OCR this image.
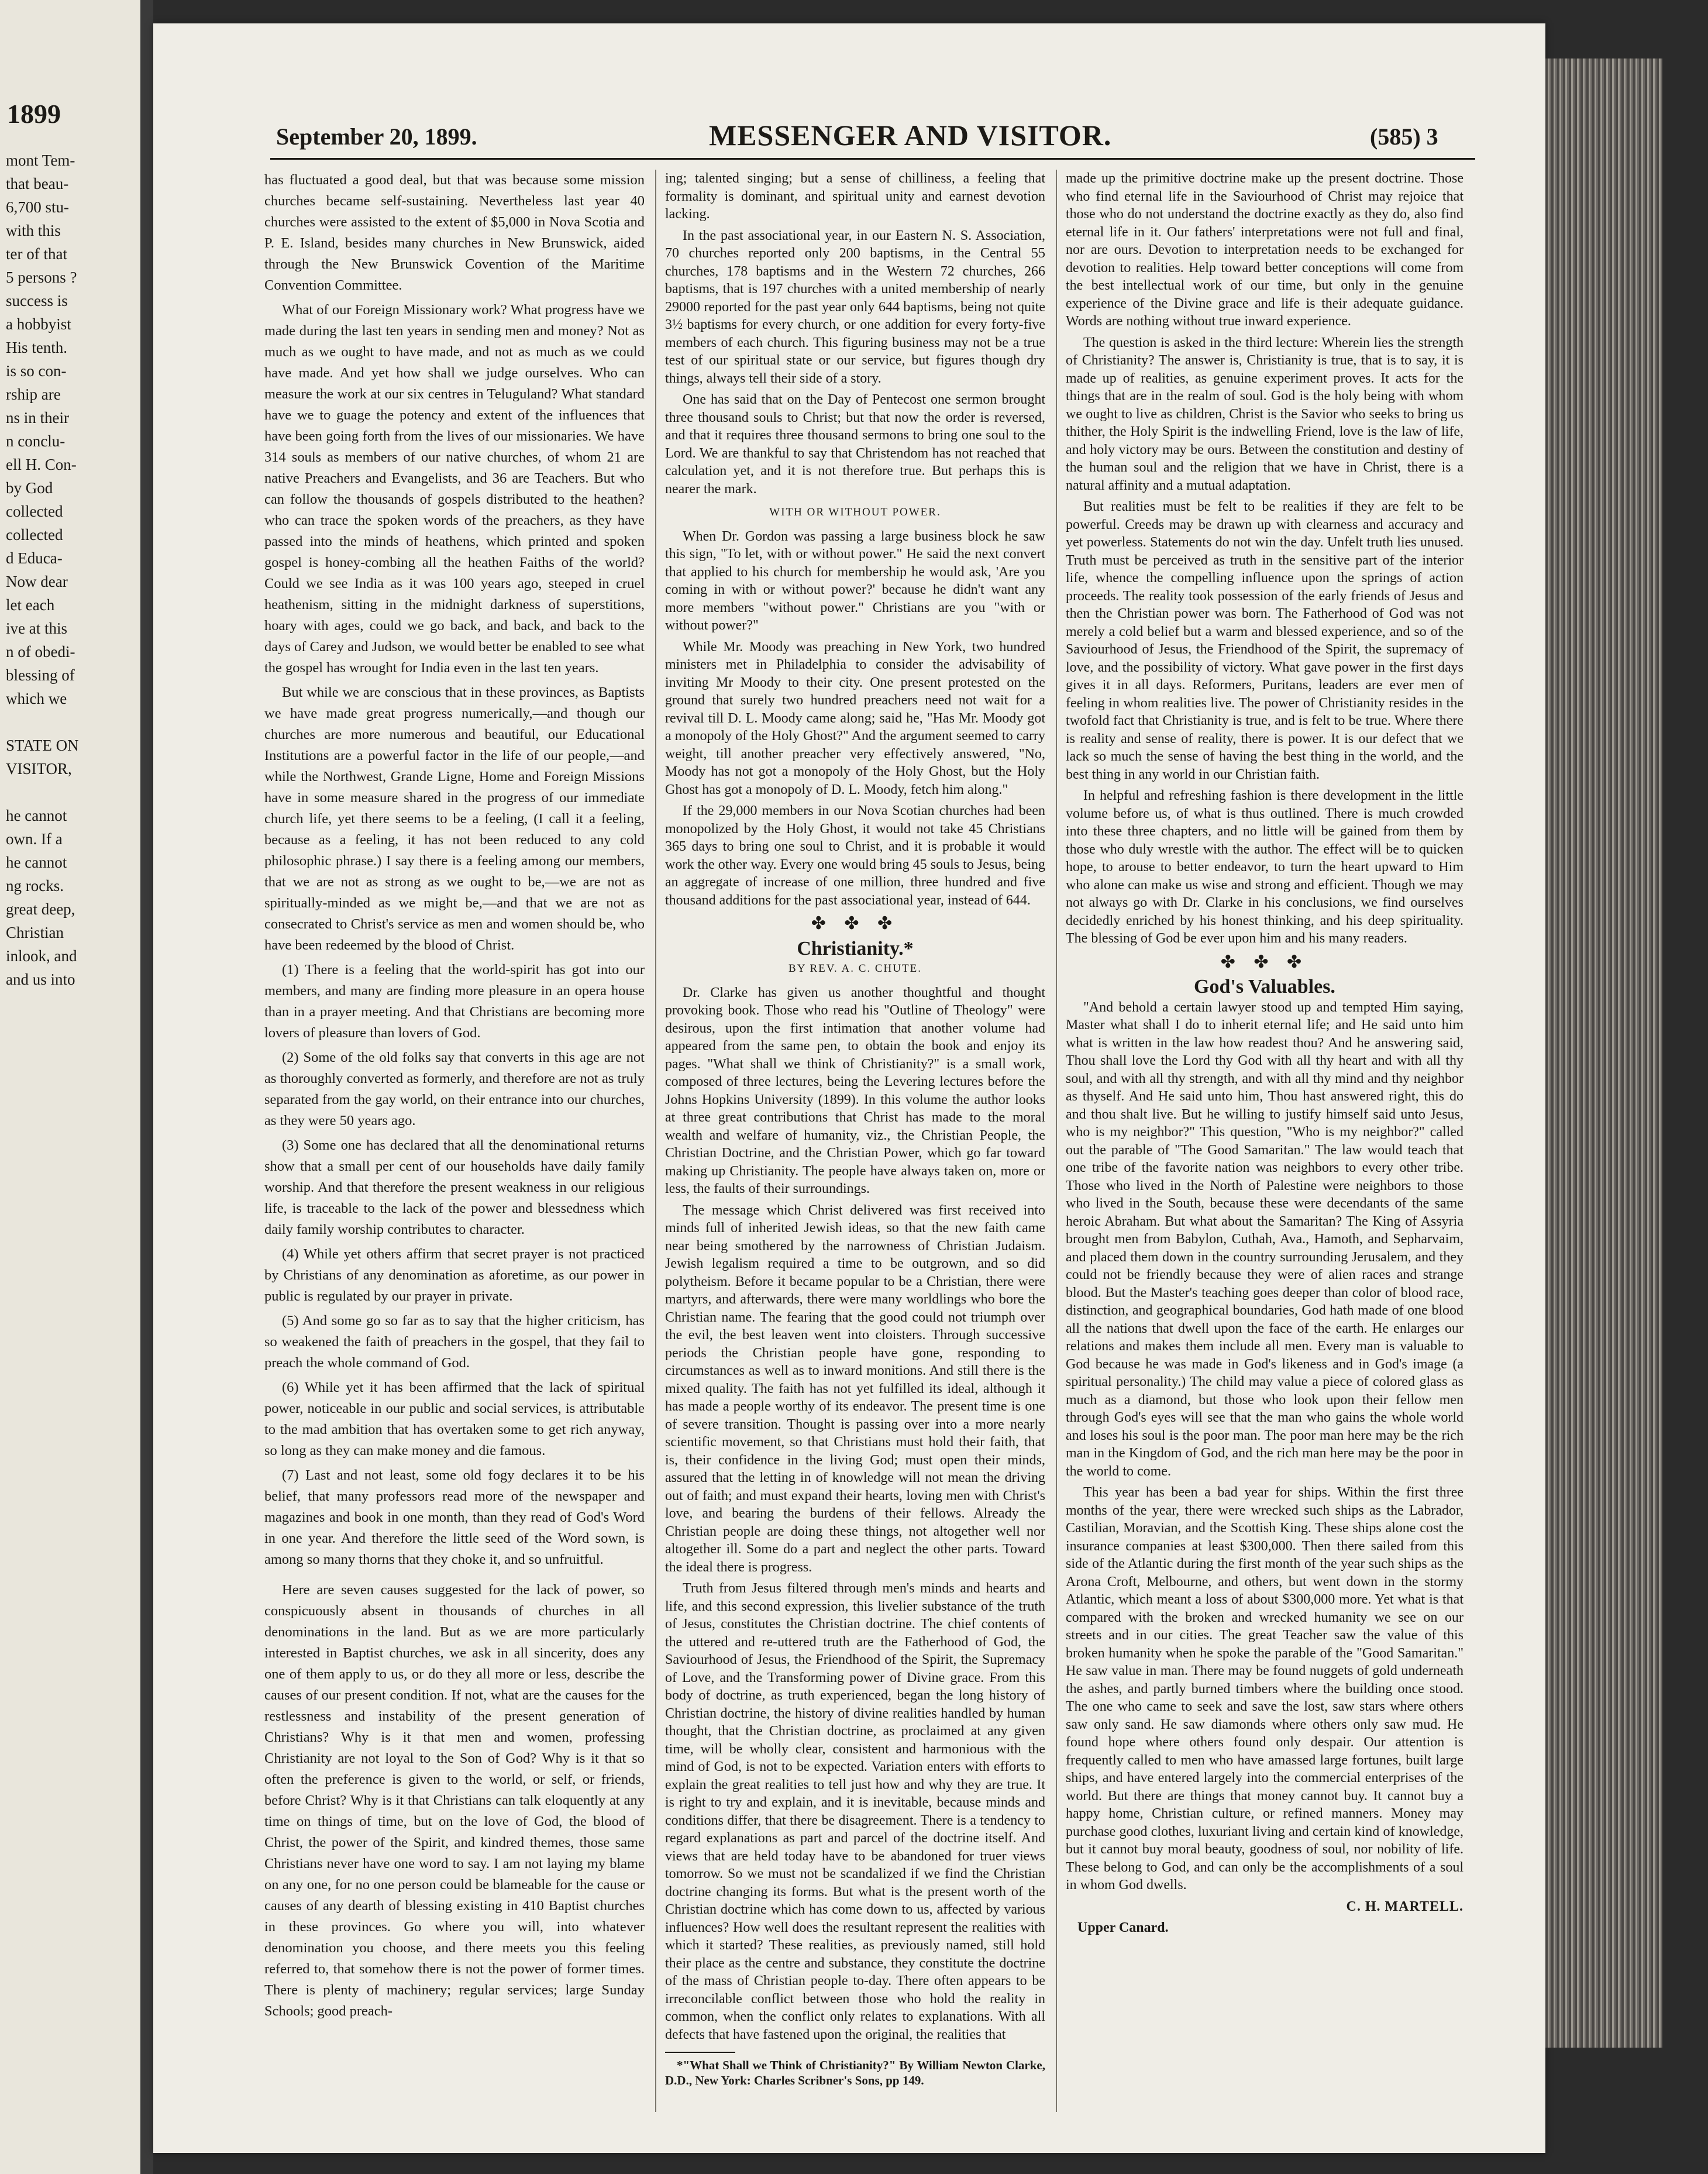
1899
mont Tem-
that beau-
6,700 stu-
with this
ter of that
5 persons ?
success is
a hobbyist
His tenth.
is so con-
rship are
ns in their
n conclu-
ell H. Con-
by God
collected
collected
d Educa-
Now dear
let each
ive at this
n of obedi-
blessing of
which we
STATE ON
VISITOR,
he cannot
own. If a
he cannot
ng rocks.
great deep,
Christian
inlook, and
and us into
September 20, 1899.	MESSENGER AND VISITOR.	(585) 3

has fluctuated a good deal, but that was because some mission churches became self-sustaining. Nevertheless last year 40 churches were assisted to the extent of $5,000 in Nova Scotia and P. E. Island, besides many churches in New Brunswick, aided through the New Brunswick Covention of the Maritime Convention Committee.

What of our Foreign Missionary work? What progress have we made during the last ten years in sending men and money? Not as much as we ought to have made, and not as much as we could have made. And yet how shall we judge ourselves. Who can measure the work at our six centres in Teluguland? What standard have we to guage the potency and extent of the influences that have been going forth from the lives of our missionaries. We have 314 souls as members of our native churches, of whom 21 are native Preachers and Evangelists, and 36 are Teachers. But who can follow the thousands of gospels distributed to the heathen? who can trace the spoken words of the preachers, as they have passed into the minds of heathens, which printed and spoken gospel is honey-combing all the heathen Faiths of the world? Could we see India as it was 100 years ago, steeped in cruel heathenism, sitting in the midnight darkness of superstitions, hoary with ages, could we go back, and back, and back to the days of Carey and Judson, we would better be enabled to see what the gospel has wrought for India even in the last ten years.

But while we are conscious that in these provinces, as Baptists we have made great progress numerically,—and though our churches are more numerous and beautiful, our Educational Institutions are a powerful factor in the life of our people,—and while the Northwest, Grande Ligne, Home and Foreign Missions have in some measure shared in the progress of our immediate church life, yet there seems to be a feeling, (I call it a feeling, because as a feeling, it has not been reduced to any cold philosophic phrase.) I say there is a feeling among our members, that we are not as strong as we ought to be,—we are not as spiritually-minded as we might be,—and that we are not as consecrated to Christ's service as men and women should be, who have been redeemed by the blood of Christ.

(1) There is a feeling that the world-spirit has got into our members, and many are finding more pleasure in an opera house than in a prayer meeting. And that Christians are becoming more lovers of pleasure than lovers of God.

(2) Some of the old folks say that converts in this age are not as thoroughly converted as formerly, and therefore are not as truly separated from the gay world, on their entrance into our churches, as they were 50 years ago.

(3) Some one has declared that all the denominational returns show that a small per cent of our households have daily family worship. And that therefore the present weakness in our religious life, is traceable to the lack of the power and blessedness which daily family worship contributes to character.

(4) While yet others affirm that secret prayer is not practiced by Christians of any denomination as aforetime, as our power in public is regulated by our prayer in private.

(5) And some go so far as to say that the higher criticism, has so weakened the faith of preachers in the gospel, that they fail to preach the whole command of God.

(6) While yet it has been affirmed that the lack of spiritual power, noticeable in our public and social services, is attributable to the mad ambition that has overtaken some to get rich anyway, so long as they can make money and die famous.

(7) Last and not least, some old fogy declares it to be his belief, that many professors read more of the newspaper and magazines and book in one month, than they read of God's Word in one year. And therefore the little seed of the Word sown, is among so many thorns that they choke it, and so unfruitful.

Here are seven causes suggested for the lack of power, so conspicuously absent in thousands of churches in all denominations in the land. But as we are more particularly interested in Baptist churches, we ask in all sincerity, does any one of them apply to us, or do they all more or less, describe the causes of our present condition. If not, what are the causes for the restlessness and instability of the present generation of Christians? Why is it that men and women, professing Christianity are not loyal to the Son of God? Why is it that so often the preference is given to the world, or self, or friends, before Christ? Why is it that Christians can talk eloquently at any time on things of time, but on the love of God, the blood of Christ, the power of the Spirit, and kindred themes, those same Christians never have one word to say. I am not laying my blame on any one, for no one person could be blameable for the cause or causes of any dearth of blessing existing in 410 Baptist churches in these provinces. Go where you will, into whatever denomination you choose, and there meets you this feeling referred to, that somehow there is not the power of former times. There is plenty of machinery; regular services; large Sunday Schools; good preach-

ing; talented singing; but a sense of chilliness, a feeling that formality is dominant, and spiritual unity and earnest devotion lacking.

In the past associational year, in our Eastern N. S. Association, 70 churches reported only 200 baptisms, in the Central 55 churches, 178 baptisms and in the Western 72 churches, 266 baptisms, that is 197 churches with a united membership of nearly 29000 reported for the past year only 644 baptisms, being not quite 3½ baptisms for every church, or one addition for every forty-five members of each church. This figuring business may not be a true test of our spiritual state or our service, but figures though dry things, always tell their side of a story.

One has said that on the Day of Pentecost one sermon brought three thousand souls to Christ; but that now the order is reversed, and that it requires three thousand sermons to bring one soul to the Lord. We are thankful to say that Christendom has not reached that calculation yet, and it is not therefore true. But perhaps this is nearer the mark.

WITH OR WITHOUT POWER.

When Dr. Gordon was passing a large business block he saw this sign, "To let, with or without power." He said the next convert that applied to his church for membership he would ask, 'Are you coming in with or without power?' because he didn't want any more members "without power." Christians are you "with or without power?"

While Mr. Moody was preaching in New York, two hundred ministers met in Philadelphia to consider the advisability of inviting Mr Moody to their city. One present protested on the ground that surely two hundred preachers need not wait for a revival till D. L. Moody came along; said he, "Has Mr. Moody got a monopoly of the Holy Ghost?" And the argument seemed to carry weight, till another preacher very effectively answered, "No, Moody has not got a monopoly of the Holy Ghost, but the Holy Ghost has got a monopoly of D. L. Moody, fetch him along."

If the 29,000 members in our Nova Scotian churches had been monopolized by the Holy Ghost, it would not take 45 Christians 365 days to bring one soul to Christ, and it is probable it would work the other way. Every one would bring 45 souls to Jesus, being an aggregate of increase of one million, three hundred and five thousand additions for the past associational year, instead of 644.

✤ ✤ ✤
Christianity.*
BY REV. A. C. CHUTE.

Dr. Clarke has given us another thoughtful and thought provoking book. Those who read his "Outline of Theology" were desirous, upon the first intimation that another volume had appeared from the same pen, to obtain the book and enjoy its pages. "What shall we think of Christianity?" is a small work, composed of three lectures, being the Levering lectures before the Johns Hopkins University (1899). In this volume the author looks at three great contributions that Christ has made to the moral wealth and welfare of humanity, viz., the Christian People, the Christian Doctrine, and the Christian Power, which go far toward making up Christianity. The people have always taken on, more or less, the faults of their surroundings.

The message which Christ delivered was first received into minds full of inherited Jewish ideas, so that the new faith came near being smothered by the narrowness of Christian Judaism. Jewish legalism required a time to be outgrown, and so did polytheism. Before it became popular to be a Christian, there were martyrs, and afterwards, there were many worldlings who bore the Christian name. The fearing that the good could not triumph over the evil, the best leaven went into cloisters. Through successive periods the Christian people have gone, responding to circumstances as well as to inward monitions. And still there is the mixed quality. The faith has not yet fulfilled its ideal, although it has made a people worthy of its endeavor. The present time is one of severe transition. Thought is passing over into a more nearly scientific movement, so that Christians must hold their faith, that is, their confidence in the living God; must open their minds, assured that the letting in of knowledge will not mean the driving out of faith; and must expand their hearts, loving men with Christ's love, and bearing the burdens of their fellows. Already the Christian people are doing these things, not altogether well nor altogether ill. Some do a part and neglect the other parts. Toward the ideal there is progress.

Truth from Jesus filtered through men's minds and hearts and life, and this second expression, this livelier substance of the truth of Jesus, constitutes the Christian doctrine. The chief contents of the uttered and re-uttered truth are the Fatherhood of God, the Saviourhood of Jesus, the Friendhood of the Spirit, the Supremacy of Love, and the Transforming power of Divine grace. From this body of doctrine, as truth experienced, began the long history of Christian doctrine, the history of divine realities handled by human thought, that the Christian doctrine, as proclaimed at any given time, will be wholly clear, consistent and harmonious with the mind of God, is not to be expected. Variation enters with efforts to explain the great realities to tell just how and why they are true. It is right to try and explain, and it is inevitable, because minds and conditions differ, that there be disagreement. There is a tendency to regard explanations as part and parcel of the doctrine itself. And views that are held today have to be abandoned for truer views tomorrow. So we must not be scandalized if we find the Christian doctrine changing its forms. But what is the present worth of the Christian doctrine which has come down to us, affected by various influences? How well does the resultant represent the realities with which it started? These realities, as previously named, still hold their place as the centre and substance, they constitute the doctrine of the mass of Christian people to-day. There often appears to be irreconcilable conflict between those who hold the reality in common, when the conflict only relates to explanations. With all defects that have fastened upon the original, the realities that

*"What Shall we Think of Christianity?" By William Newton Clarke, D.D., New York: Charles Scribner's Sons, pp 149.

made up the primitive doctrine make up the present doctrine. Those who find eternal life in the Saviourhood of Christ may rejoice that those who do not understand the doctrine exactly as they do, also find eternal life in it. Our fathers' interpretations were not full and final, nor are ours. Devotion to interpretation needs to be exchanged for devotion to realities. Help toward better conceptions will come from the best intellectual work of our time, but only in the genuine experience of the Divine grace and life is their adequate guidance. Words are nothing without true inward experience.

The question is asked in the third lecture: Wherein lies the strength of Christianity? The answer is, Christianity is true, that is to say, it is made up of realities, as genuine experiment proves. It acts for the things that are in the realm of soul. God is the holy being with whom we ought to live as children, Christ is the Savior who seeks to bring us thither, the Holy Spirit is the indwelling Friend, love is the law of life, and holy victory may be ours. Between the constitution and destiny of the human soul and the religion that we have in Christ, there is a natural affinity and a mutual adaptation.

But realities must be felt to be realities if they are felt to be powerful. Creeds may be drawn up with clearness and accuracy and yet powerless. Statements do not win the day. Unfelt truth lies unused. Truth must be perceived as truth in the sensitive part of the interior life, whence the compelling influence upon the springs of action proceeds. The reality took possession of the early friends of Jesus and then the Christian power was born. The Fatherhood of God was not merely a cold belief but a warm and blessed experience, and so of the Saviourhood of Jesus, the Friendhood of the Spirit, the supremacy of love, and the possibility of victory. What gave power in the first days gives it in all days. Reformers, Puritans, leaders are ever men of feeling in whom realities live. The power of Christianity resides in the twofold fact that Christianity is true, and is felt to be true. Where there is reality and sense of reality, there is power. It is our defect that we lack so much the sense of having the best thing in the world, and the best thing in any world in our Christian faith.

In helpful and refreshing fashion is there development in the little volume before us, of what is thus outlined. There is much crowded into these three chapters, and no little will be gained from them by those who duly wrestle with the author. The effect will be to quicken hope, to arouse to better endeavor, to turn the heart upward to Him who alone can make us wise and strong and efficient. Though we may not always go with Dr. Clarke in his conclusions, we find ourselves decidedly enriched by his honest thinking, and his deep spirituality. The blessing of God be ever upon him and his many readers.

✤ ✤ ✤
God's Valuables.

"And behold a certain lawyer stood up and tempted Him saying, Master what shall I do to inherit eternal life; and He said unto him what is written in the law how readest thou? And he answering said, Thou shall love the Lord thy God with all thy heart and with all thy soul, and with all thy strength, and with all thy mind and thy neighbor as thyself. And He said unto him, Thou hast answered right, this do and thou shalt live. But he willing to justify himself said unto Jesus, who is my neighbor?" This question, "Who is my neighbor?" called out the parable of "The Good Samaritan." The law would teach that one tribe of the favorite nation was neighbors to every other tribe. Those who lived in the North of Palestine were neighbors to those who lived in the South, because these were decendants of the same heroic Abraham. But what about the Samaritan? The King of Assyria brought men from Babylon, Cuthah, Ava., Hamoth, and Sepharvaim, and placed them down in the country surrounding Jerusalem, and they could not be friendly because they were of alien races and strange blood. But the Master's teaching goes deeper than color of blood race, distinction, and geographical boundaries, God hath made of one blood all the nations that dwell upon the face of the earth. He enlarges our relations and makes them include all men. Every man is valuable to God because he was made in God's likeness and in God's image (a spiritual personality.) The child may value a piece of colored glass as much as a diamond, but those who look upon their fellow men through God's eyes will see that the man who gains the whole world and loses his soul is the poor man. The poor man here may be the rich man in the Kingdom of God, and the rich man here may be the poor in the world to come.

This year has been a bad year for ships. Within the first three months of the year, there were wrecked such ships as the Labrador, Castilian, Moravian, and the Scottish King. These ships alone cost the insurance companies at least $300,000. Then there sailed from this side of the Atlantic during the first month of the year such ships as the Arona Croft, Melbourne, and others, but went down in the stormy Atlantic, which meant a loss of about $300,000 more. Yet what is that compared with the broken and wrecked humanity we see on our streets and in our cities. The great Teacher saw the value of this broken humanity when he spoke the parable of the "Good Samaritan." He saw value in man. There may be found nuggets of gold underneath the ashes, and partly burned timbers where the building once stood. The one who came to seek and save the lost, saw stars where others saw only sand. He saw diamonds where others only saw mud. He found hope where others found only despair. Our attention is frequently called to men who have amassed large fortunes, built large ships, and have entered largely into the commercial enterprises of the world. But there are things that money cannot buy. It cannot buy a happy home, Christian culture, or refined manners. Money may purchase good clothes, luxuriant living and certain kind of knowledge, but it cannot buy moral beauty, goodness of soul, nor nobility of life. These belong to God, and can only be the accomplishments of a soul in whom God dwells.

C. H. MARTELL.

Upper Canard.
